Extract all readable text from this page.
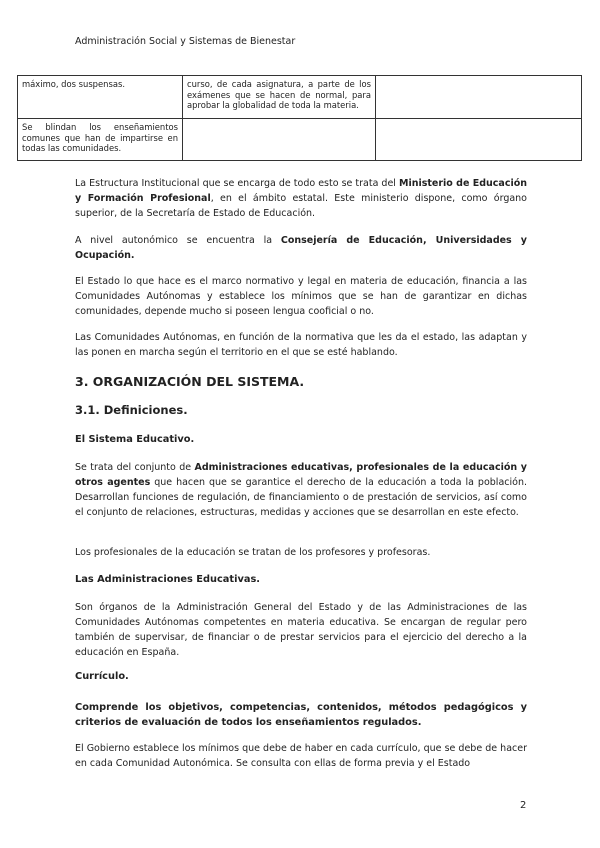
Administración Social y Sistemas de Bienestar
máximo, dos suspensas.	curso, de cada asignatura, a parte de los exámenes que se hacen de normal, para aprobar la globalidad de toda la materia.	
Se blindan los enseñamientos comunes que han de impartirse en todas las comunidades.		

La Estructura Institucional que se encarga de todo esto se trata del Ministerio de Educación y Formación Profesional, en el ámbito estatal. Este ministerio dispone, como órgano superior, de la Secretaría de Estado de Educación.

A nivel autonómico se encuentra la Consejería de Educación, Universidades y Ocupación.

El Estado lo que hace es el marco normativo y legal en materia de educación, financia a las Comunidades Autónomas y establece los mínimos que se han de garantizar en dichas comunidades, depende mucho si poseen lengua cooficial o no.

Las Comunidades Autónomas, en función de la normativa que les da el estado, las adaptan y las ponen en marcha según el territorio en el que se esté hablando.

3. ORGANIZACIÓN DEL SISTEMA.
3.1. Definiciones.
El Sistema Educativo.

Se trata del conjunto de Administraciones educativas, profesionales de la educación y otros agentes que hacen que se garantice el derecho de la educación a toda la población. Desarrollan funciones de regulación, de financiamiento o de prestación de servicios, así como el conjunto de relaciones, estructuras, medidas y acciones que se desarrollan en este efecto.

Los profesionales de la educación se tratan de los profesores y profesoras.

Las Administraciones Educativas.

Son órganos de la Administración General del Estado y de las Administraciones de las Comunidades Autónomas competentes en materia educativa. Se encargan de regular pero también de supervisar, de financiar o de prestar servicios para el ejercicio del derecho a la educación en España.

Currículo.

Comprende los objetivos, competencias, contenidos, métodos pedagógicos y criterios de evaluación de todos los enseñamientos regulados.

El Gobierno establece los mínimos que debe de haber en cada currículo, que se debe de hacer en cada Comunidad Autonómica. Se consulta con ellas de forma previa y el Estado

2
